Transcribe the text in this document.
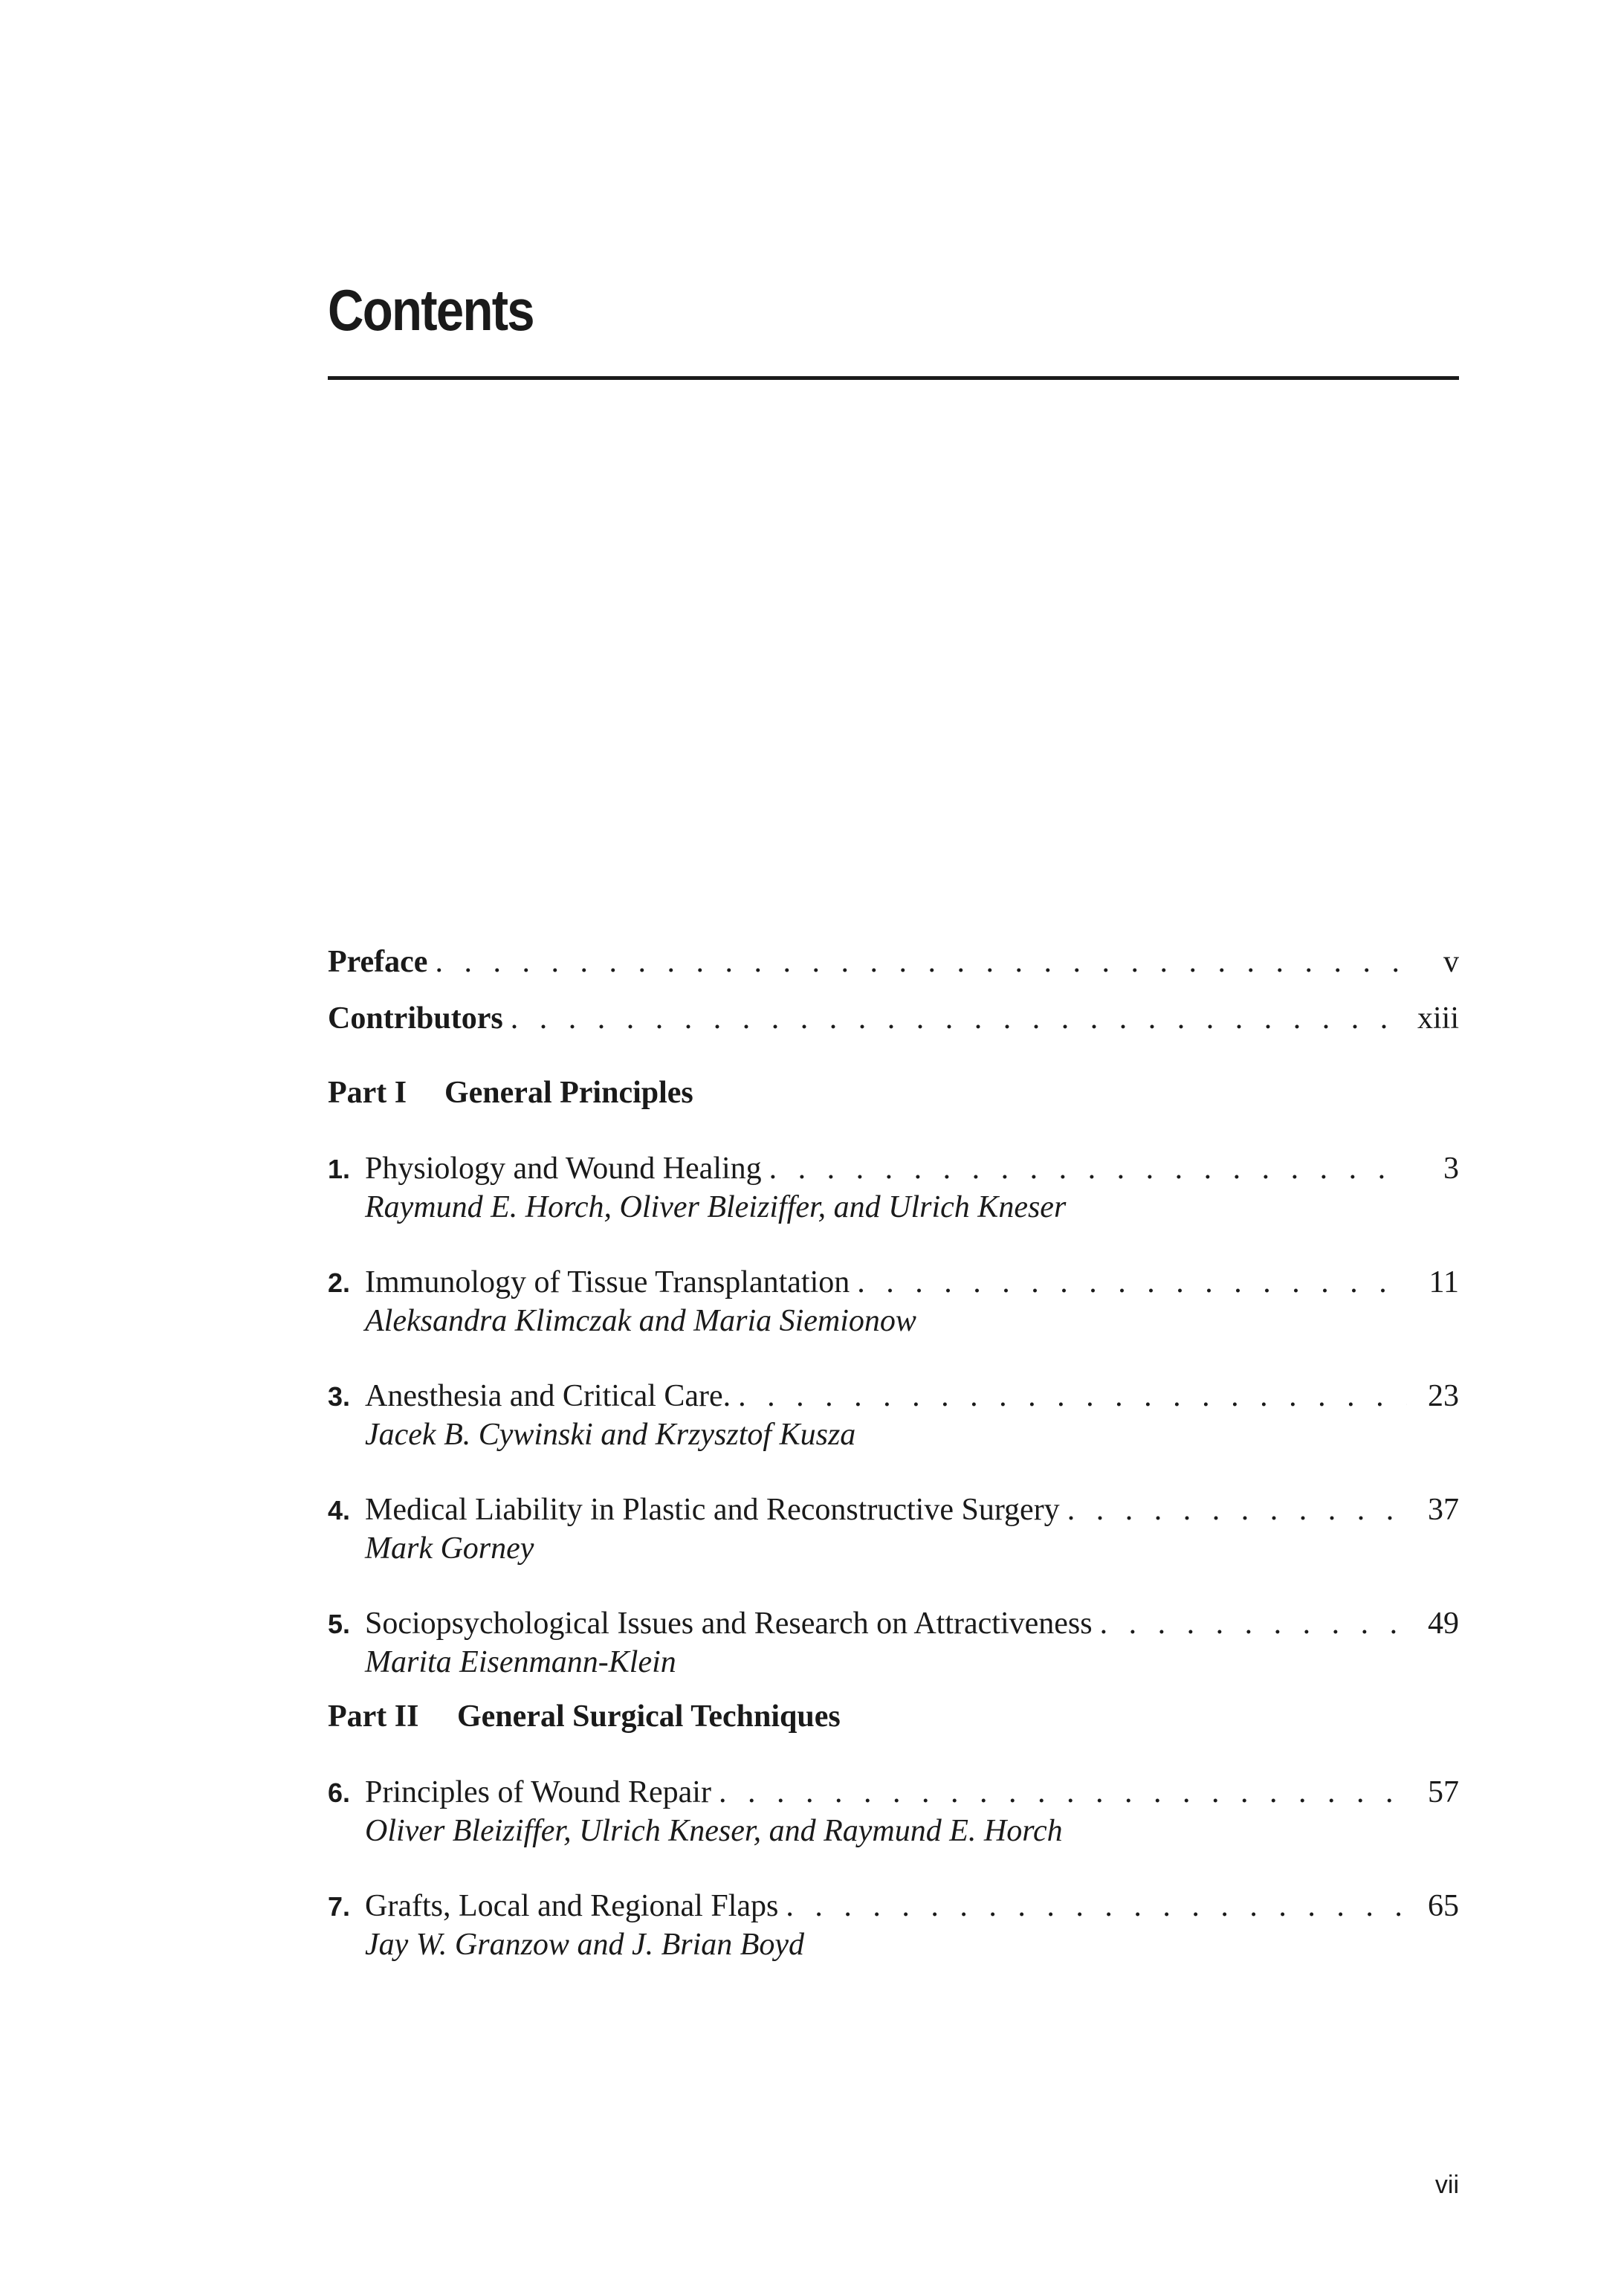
Contents
Preface . . .	v
Contributors . . .	xiii
Part I General Principles
1. Physiology and Wound Healing . . .	3
Raymund E. Horch, Oliver Bleiziffer, and Ulrich Kneser
2. Immunology of Tissue Transplantation . . .	11
Aleksandra Klimczak and Maria Siemionow
3. Anesthesia and Critical Care. . . .	23
Jacek B. Cywinski and Krzysztof Kusza
4. Medical Liability in Plastic and Reconstructive Surgery . . .	37
Mark Gorney
5. Sociopsychological Issues and Research on Attractiveness . . .	49
Marita Eisenmann-Klein
Part II General Surgical Techniques
6. Principles of Wound Repair . . .	57
Oliver Bleiziffer, Ulrich Kneser, and Raymund E. Horch
7. Grafts, Local and Regional Flaps . . .	65
Jay W. Granzow and J. Brian Boyd
vii
